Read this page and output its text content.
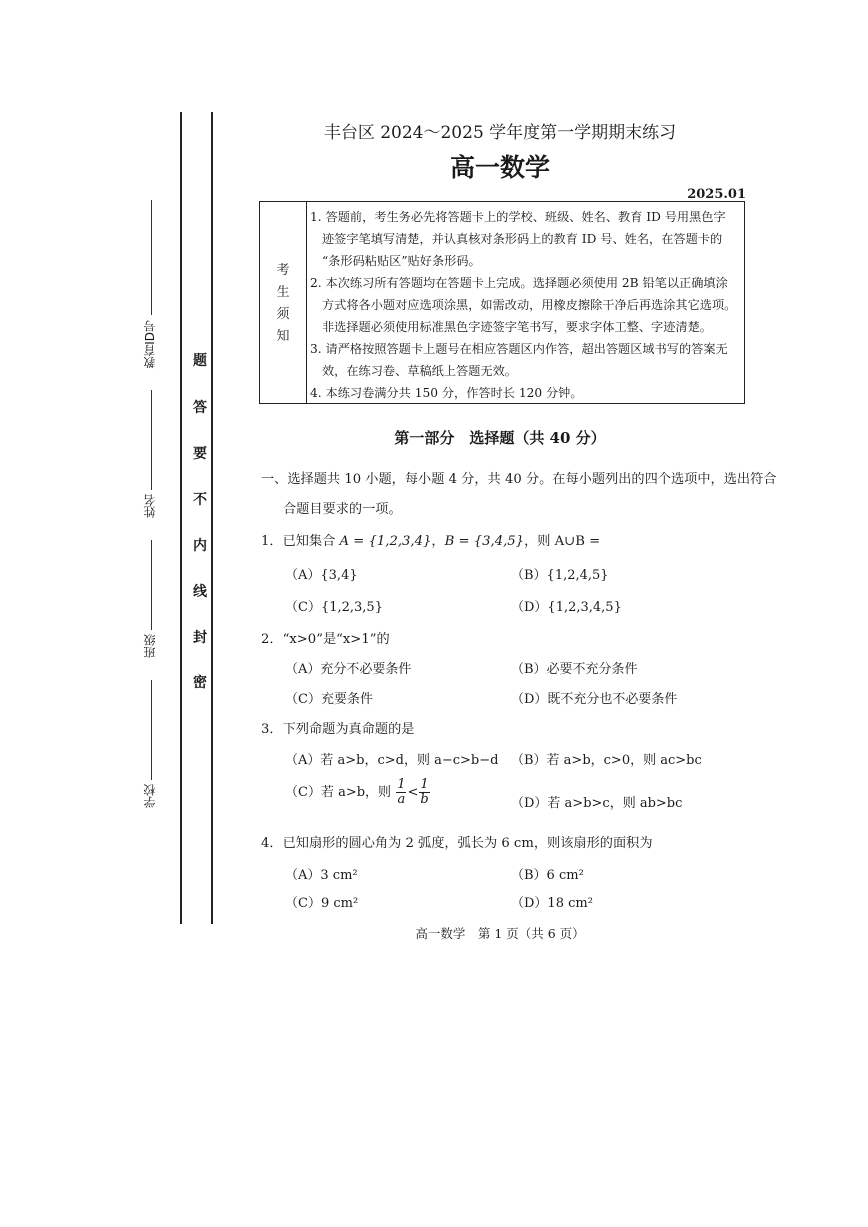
学校
班级
姓名
教育ID号
密
封
线
内
不
要
答
题
丰台区 2024～2025 学年度第一学期期末练习
高一数学
2025.01
考
生
须
知
1. 答题前，考生务必先将答题卡上的学校、班级、姓名、教育 ID 号用黑色字
迹签字笔填写清楚，并认真核对条形码上的教育 ID 号、姓名，在答题卡的
“条形码粘贴区”贴好条形码。
2. 本次练习所有答题均在答题卡上完成。选择题必须使用 2B 铅笔以正确填涂
方式将各小题对应选项涂黑，如需改动，用橡皮擦除干净后再选涂其它选项。
非选择题必须使用标准黑色字迹签字笔书写，要求字体工整、字迹清楚。
3. 请严格按照答题卡上题号在相应答题区内作答，超出答题区域书写的答案无
效，在练习卷、草稿纸上答题无效。
4. 本练习卷满分共 150 分，作答时长 120 分钟。
第一部分　选择题（共 40 分）
一、选择题共 10 小题，每小题 4 分，共 40 分。在每小题列出的四个选项中，选出符合
合题目要求的一项。
1．已知集合 A = {1,2,3,4}，B = {3,4,5}，则 A∪B =
（A）{3,4}	（B）{1,2,4,5}
（C）{1,2,3,5}	（D）{1,2,3,4,5}
2．“x>0”是“x>1”的
（A）充分不必要条件	（B）必要不充分条件
（C）充要条件	（D）既不充分也不必要条件
3．下列命题为真命题的是
（A）若 a>b，c>d，则 a−c>b−d （B）若 a>b，c>0，则 ac>bc
（C）若 a>b，则 $\frac{1}{a} < \frac{1}{b}$	（D）若 a>b>c，则 ab>bc
4．已知扇形的圆心角为 2 弧度，弧长为 6 cm，则该扇形的面积为
（A）3 cm²	（B）6 cm²
（C）9 cm²	（D）18 cm²
高一数学　第 1 页（共 6 页）
